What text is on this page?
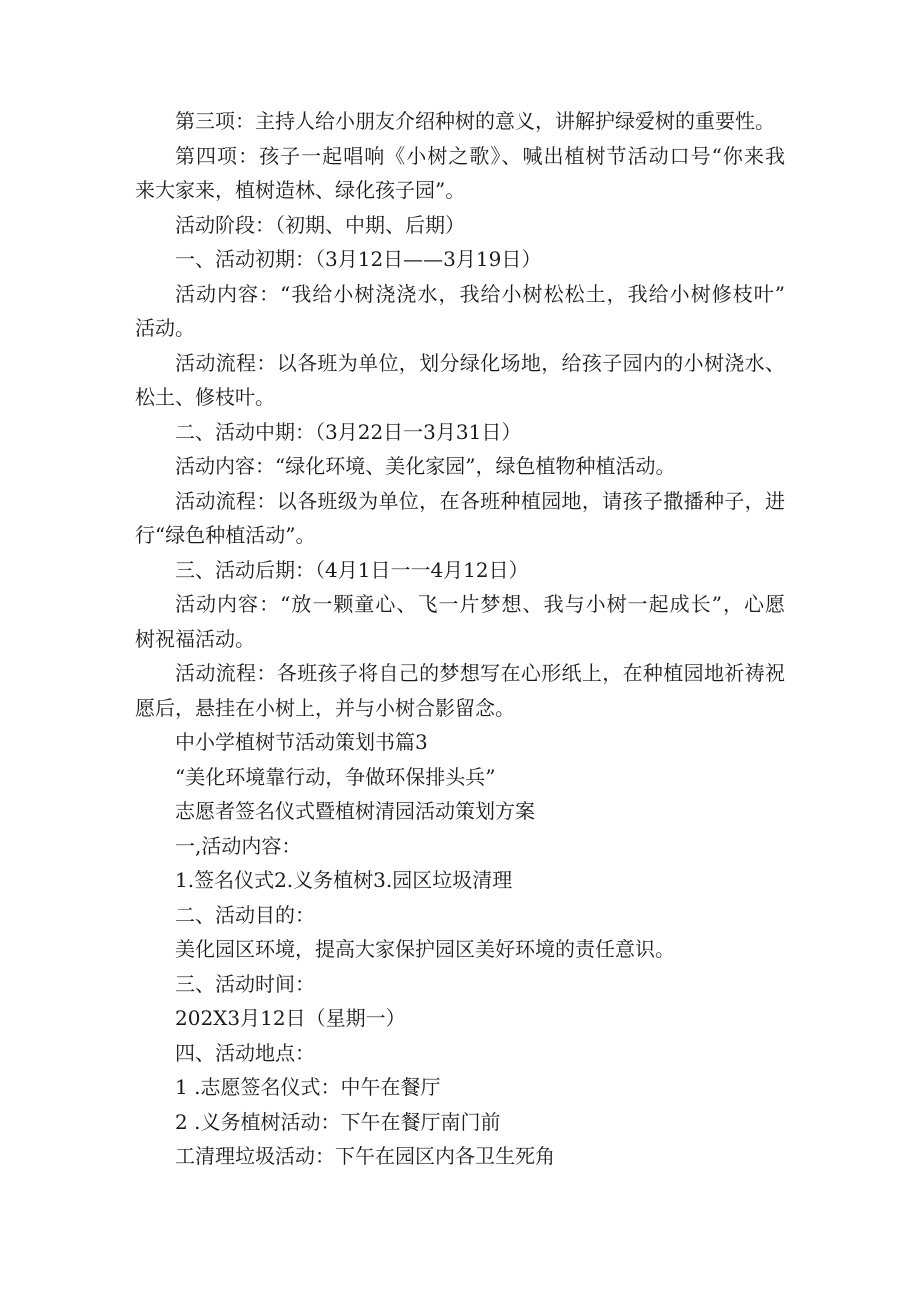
第三项：主持人给小朋友介绍种树的意义，讲解护绿爱树的重要性。
第四项：孩子一起唱响《小树之歌》、喊出植树节活动口号“你来我
来大家来，植树造林、绿化孩子园”。
活动阶段：（初期、中期、后期）
一、活动初期：（3月12日——3月19日）
活动内容：“我给小树浇浇水，我给小树松松土，我给小树修枝叶”
活动。
活动流程：以各班为单位，划分绿化场地，给孩子园内的小树浇水、
松土、修枝叶。
二、活动中期：（3月22日一3月31日）
活动内容：“绿化环境、美化家园”，绿色植物种植活动。
活动流程：以各班级为单位，在各班种植园地，请孩子撒播种子，进
行“绿色种植活动”。
三、活动后期：（4月1日一一4月12日）
活动内容：“放一颗童心、飞一片梦想、我与小树一起成长”，心愿
树祝福活动。
活动流程：各班孩子将自己的梦想写在心形纸上，在种植园地祈祷祝
愿后，悬挂在小树上，并与小树合影留念。
中小学植树节活动策划书篇3
“美化环境靠行动，争做环保排头兵”
志愿者签名仪式暨植树清园活动策划方案
一,活动内容：
1.签名仪式2.义务植树3.园区垃圾清理
二、活动目的：
美化园区环境，提高大家保护园区美好环境的责任意识。
三、活动时间：
202X3月12日（星期一）
四、活动地点：
1 .志愿签名仪式：中午在餐厅
2 .义务植树活动：下午在餐厅南门前
工清理垃圾活动：下午在园区内各卫生死角
